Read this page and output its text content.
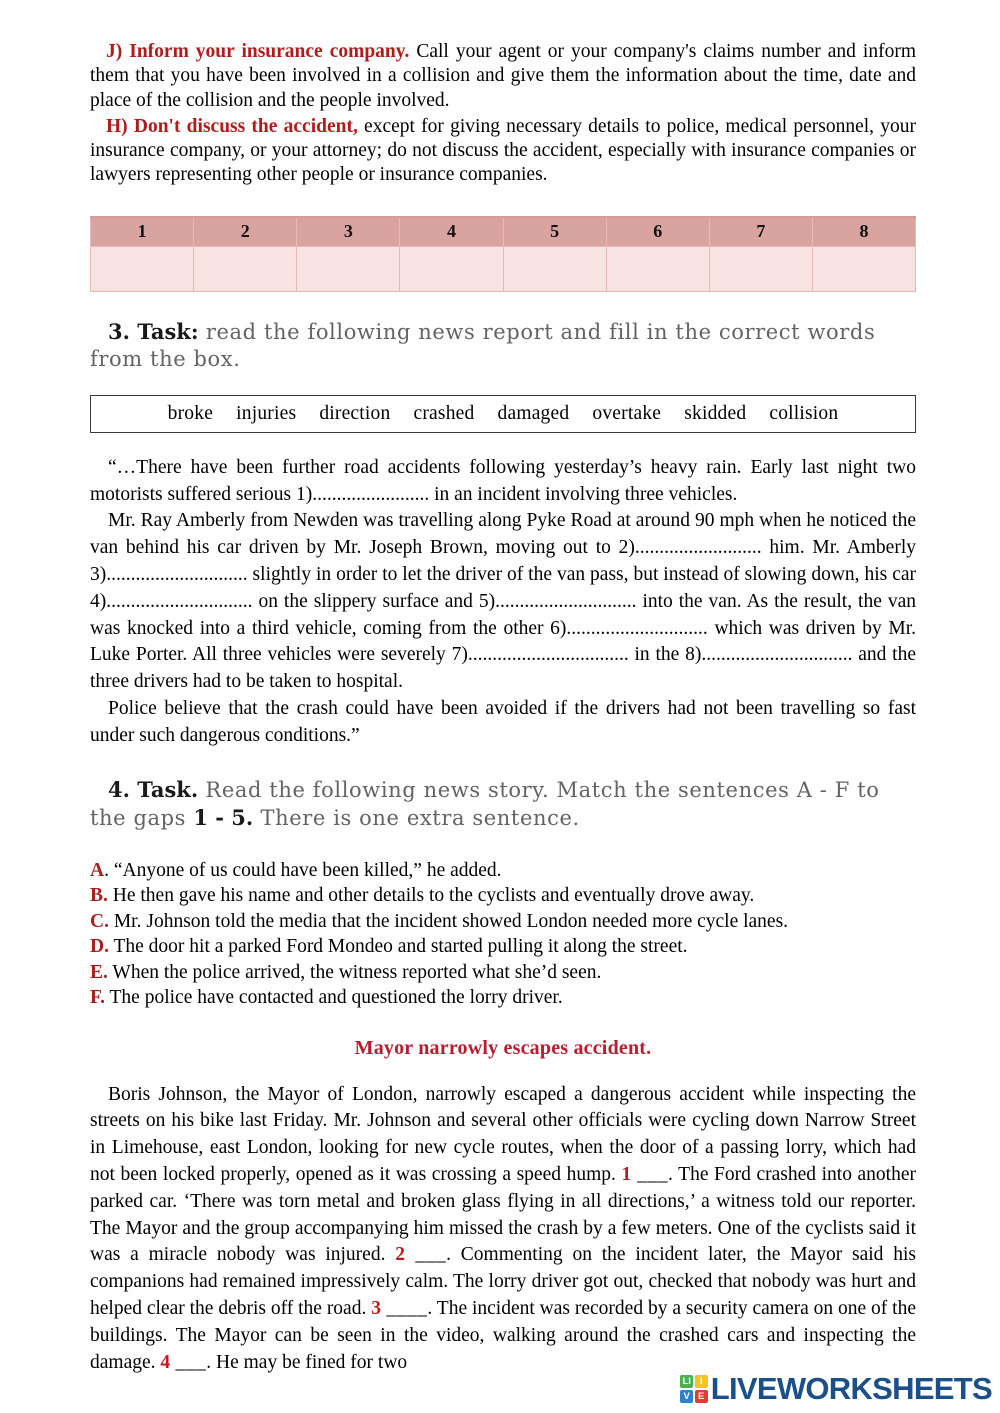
J) Inform your insurance company. Call your agent or your company's claims number and inform them that you have been involved in a collision and give them the information about the time, date and place of the collision and the people involved.

H) Don't discuss the accident, except for giving necessary details to police, medical personnel, your insurance company, or your attorney; do not discuss the accident, especially with insurance companies or lawyers representing other people or insurance companies.

1	2	3	4	5	6	7	8

3. Task: read the following news report and fill in the correct words from the box.

broke injuries direction crashed damaged overtake skidded collision

“…There have been further road accidents following yesterday’s heavy rain. Early last night two motorists suffered serious 1)........................ in an incident involving three vehicles.

Mr. Ray Amberly from Newden was travelling along Pyke Road at around 90 mph when he noticed the van behind his car driven by Mr. Joseph Brown, moving out to 2).......................... him. Mr. Amberly 3)............................. slightly in order to let the driver of the van pass, but instead of slowing down, his car 4).............................. on the slippery surface and 5)............................. into the van. As the result, the van was knocked into a third vehicle, coming from the other 6)............................. which was driven by Mr. Luke Porter. All three vehicles were severely 7)................................. in the 8)............................... and the three drivers had to be taken to hospital.

Police believe that the crash could have been avoided if the drivers had not been travelling so fast under such dangerous conditions.”

4. Task. Read the following news story. Match the sentences A - F to the gaps 1 - 5. There is one extra sentence.

A. “Anyone of us could have been killed,” he added.
B. He then gave his name and other details to the cyclists and eventually drove away.
C. Mr. Johnson told the media that the incident showed London needed more cycle lanes.
D. The door hit a parked Ford Mondeo and started pulling it along the street.
E. When the police arrived, the witness reported what she’d seen.
F. The police have contacted and questioned the lorry driver.

Mayor narrowly escapes accident.

Boris Johnson, the Mayor of London, narrowly escaped a dangerous accident while inspecting the streets on his bike last Friday. Mr. Johnson and several other officials were cycling down Narrow Street in Limehouse, east London, looking for new cycle routes, when the door of a passing lorry, which had not been locked properly, opened as it was crossing a speed hump. 1 ___. The Ford crashed into another parked car. ‘There was torn metal and broken glass flying in all directions,’ a witness told our reporter. The Mayor and the group accompanying him missed the crash by a few meters. One of the cyclists said it was a miracle nobody was injured. 2 ___. Commenting on the incident later, the Mayor said his companions had remained impressively calm. The lorry driver got out, checked that nobody was hurt and helped clear the debris off the road. 3 ____. The incident was recorded by a security camera on one of the buildings. The Mayor can be seen in the video, walking around the crashed cars and inspecting the damage. 4 ___. He may be fined for two

LI I
V E LIVEWORKSHEETS
